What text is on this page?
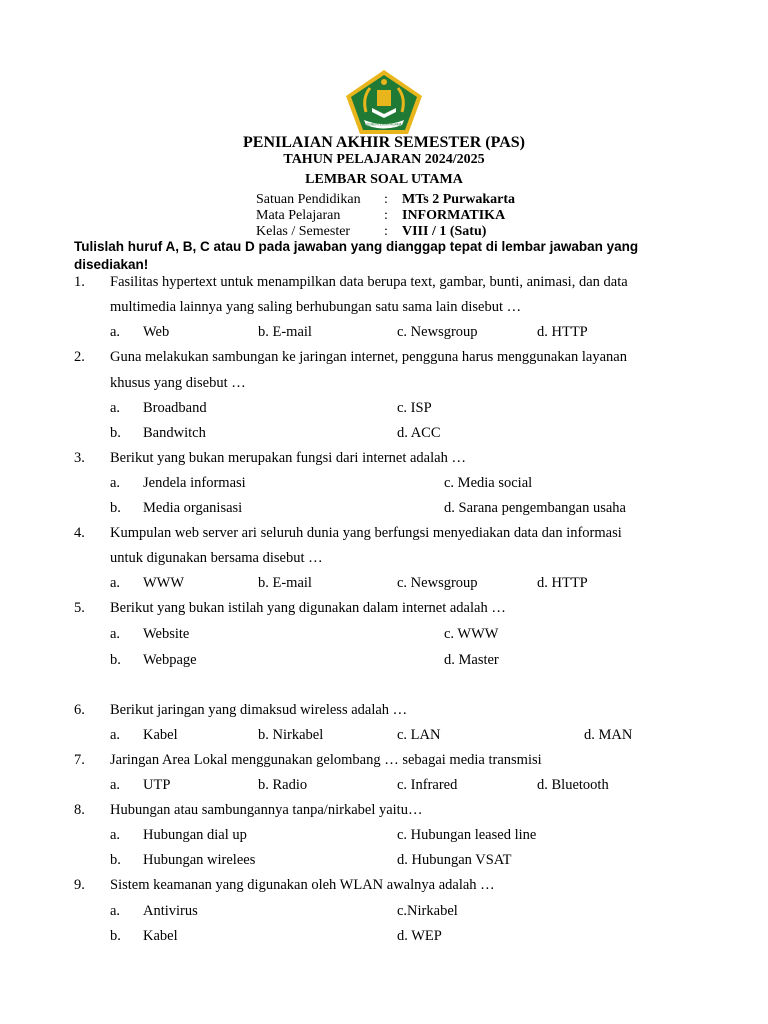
KEMENTERIAN AGAMA
PENILAIAN AKHIR SEMESTER (PAS)
TAHUN PELAJARAN 2024/2025
LEMBAR SOAL UTAMA
Satuan Pendidikan : MTs 2 Purwakarta
Mata Pelajaran	: INFORMATIKA
Kelas / Semester : VIII / 1 (Satu)
Tulislah huruf A, B, C atau D pada jawaban yang dianggap tepat di lembar jawaban yang disediakan!
1. Fasilitas hypertext untuk menampilkan data berupa text, gambar, bunti, animasi, dan data
multimedia lainnya yang saling berhubungan satu sama lain disebut …
a. Web	b. E-mail	c. Newsgroup	d. HTTP
2. Guna melakukan sambungan ke jaringan internet, pengguna harus menggunakan layanan
khusus yang disebut …
a. Broadband	c. ISP
b. Bandwitch	d. ACC
3. Berikut yang bukan merupakan fungsi dari internet adalah …
a. Jendela informasi	c. Media social
b. Media organisasi	d. Sarana pengembangan usaha
4. Kumpulan web server ari seluruh dunia yang berfungsi menyediakan data dan informasi
untuk digunakan bersama disebut …
a. WWW	b. E-mail	c. Newsgroup	d. HTTP
5. Berikut yang bukan istilah yang digunakan dalam internet adalah …
a. Website	c. WWW
b. Webpage	d. Master
6. Berikut jaringan yang dimaksud wireless adalah …
a. Kabel	b. Nirkabel	c. LAN	d. MAN
7. Jaringan Area Lokal menggunakan gelombang … sebagai media transmisi
a. UTP	b. Radio	c. Infrared	d. Bluetooth
8. Hubungan atau sambungannya tanpa/nirkabel yaitu…
a. Hubungan dial up	c. Hubungan leased line
b. Hubungan wirelees	d. Hubungan VSAT
9. Sistem keamanan yang digunakan oleh WLAN awalnya adalah …
a. Antivirus	c.Nirkabel
b. Kabel	d. WEP
